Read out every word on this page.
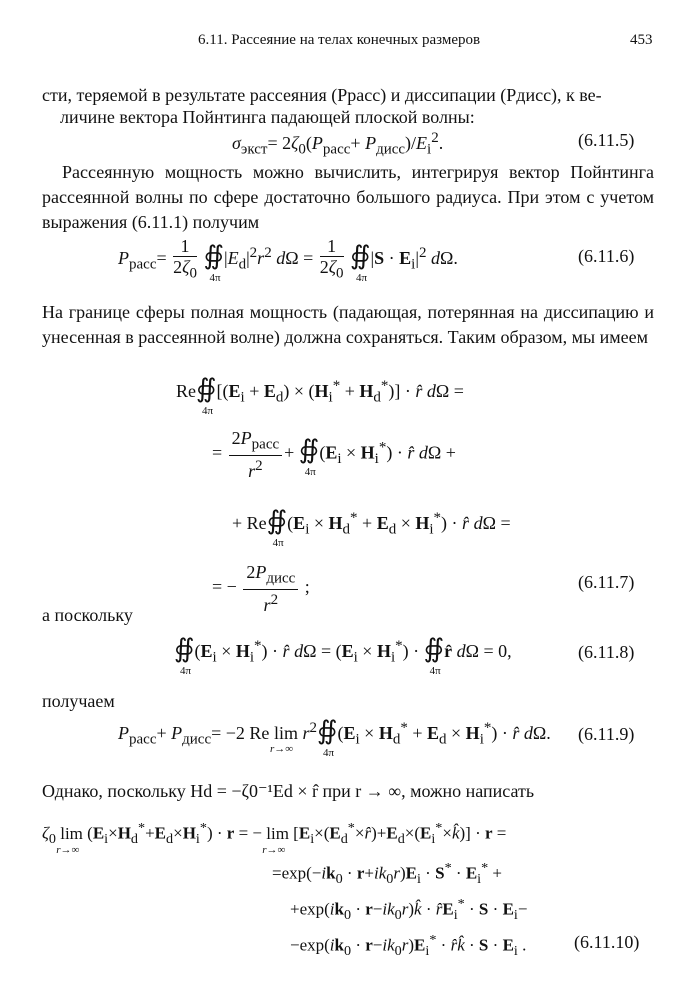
6.11. Рассеяние на телах конечных размеров	453
сти, теряемой в результате рассеяния (Pрасс) и диссипации (Pдисс), к ве-
личине вектора Пойнтинга падающей плоской волны:
$\sigma_{экст}= 2\zeta_0(P_{расс}+ P_{дисс})/E_i^2$.	(6.11.5)
Рассеянную мощность можно вычислить, интегрируя вектор Пойнтинга рассеянной волны по сфере достаточно большого радиуса. При этом с учетом выражения (6.11.1) получим
$P_{расс}= \frac{1}{2\zeta_0}$ ∯
4π
$|E_d|^2r^2$ $d\Omega = \frac{1}{2\zeta_0}$ ∯
4π
$|S \cdot E_i|^2$ dΩ.	(6.11.6)
На границе сферы полная мощность (падающая, потерянная на диссипацию и унесенная в рассеянной волне) должна сохраняться. Таким образом, мы имеем
Re∯
4π
$[(E_i + E_d) \times (H_i^* + H_d^*)]$ · r̂ dΩ =
= $\frac{2P_{расс}}{r^2}$ + ∯
4π
$(E_i \times H_i^*)$ · r̂ dΩ +
+ Re∯
4π
$(E_i \times H_d^* + E_d \times H_i^*)$ · r̂ dΩ =
= − $\frac{2P_{дисс}}{r^2}$ ;	(6.11.7)
а поскольку
∯
4π
$(E_i \times H_i^*)$ · r̂ $d\Omega = (E_i \times H_i^*)$ · ∯
4π
r̂ dΩ = 0,	(6.11.8)
получаем
$P_{расс}+ P_{дисс}= -2$ Re lim
r→∞
$r^2∯$
4π
$(E_i \times H_d^* + E_d \times H_i^*)$ · r̂ dΩ. (6.11.9)
Однако, поскольку Hd = −ζ0⁻¹Ed × r̂ при r → ∞, можно написать
$\zeta_0$ lim
r→∞
$(E_i\times H_d^*+E_d\times H_i^*) \cdot r$ = − lim
r→∞
$[E_i\times(E_d^*\times r̂)+E_d\times(E_i^*\times k̂)] \cdot r$ =
$=\exp(-ik_0 \cdot r+ik_0r)E_i \cdot S^* \cdot E_i^*$ +
$+\exp(ik_0$ · $r-ik_0r)k̂$ · $r̂E_i^* \cdot S \cdot E_i-$
$-\exp(ik_0 \cdot r-ik_0r)E_i^*$ · r̂k̂ · $S \cdot E_i$ .	(6.11.10)
